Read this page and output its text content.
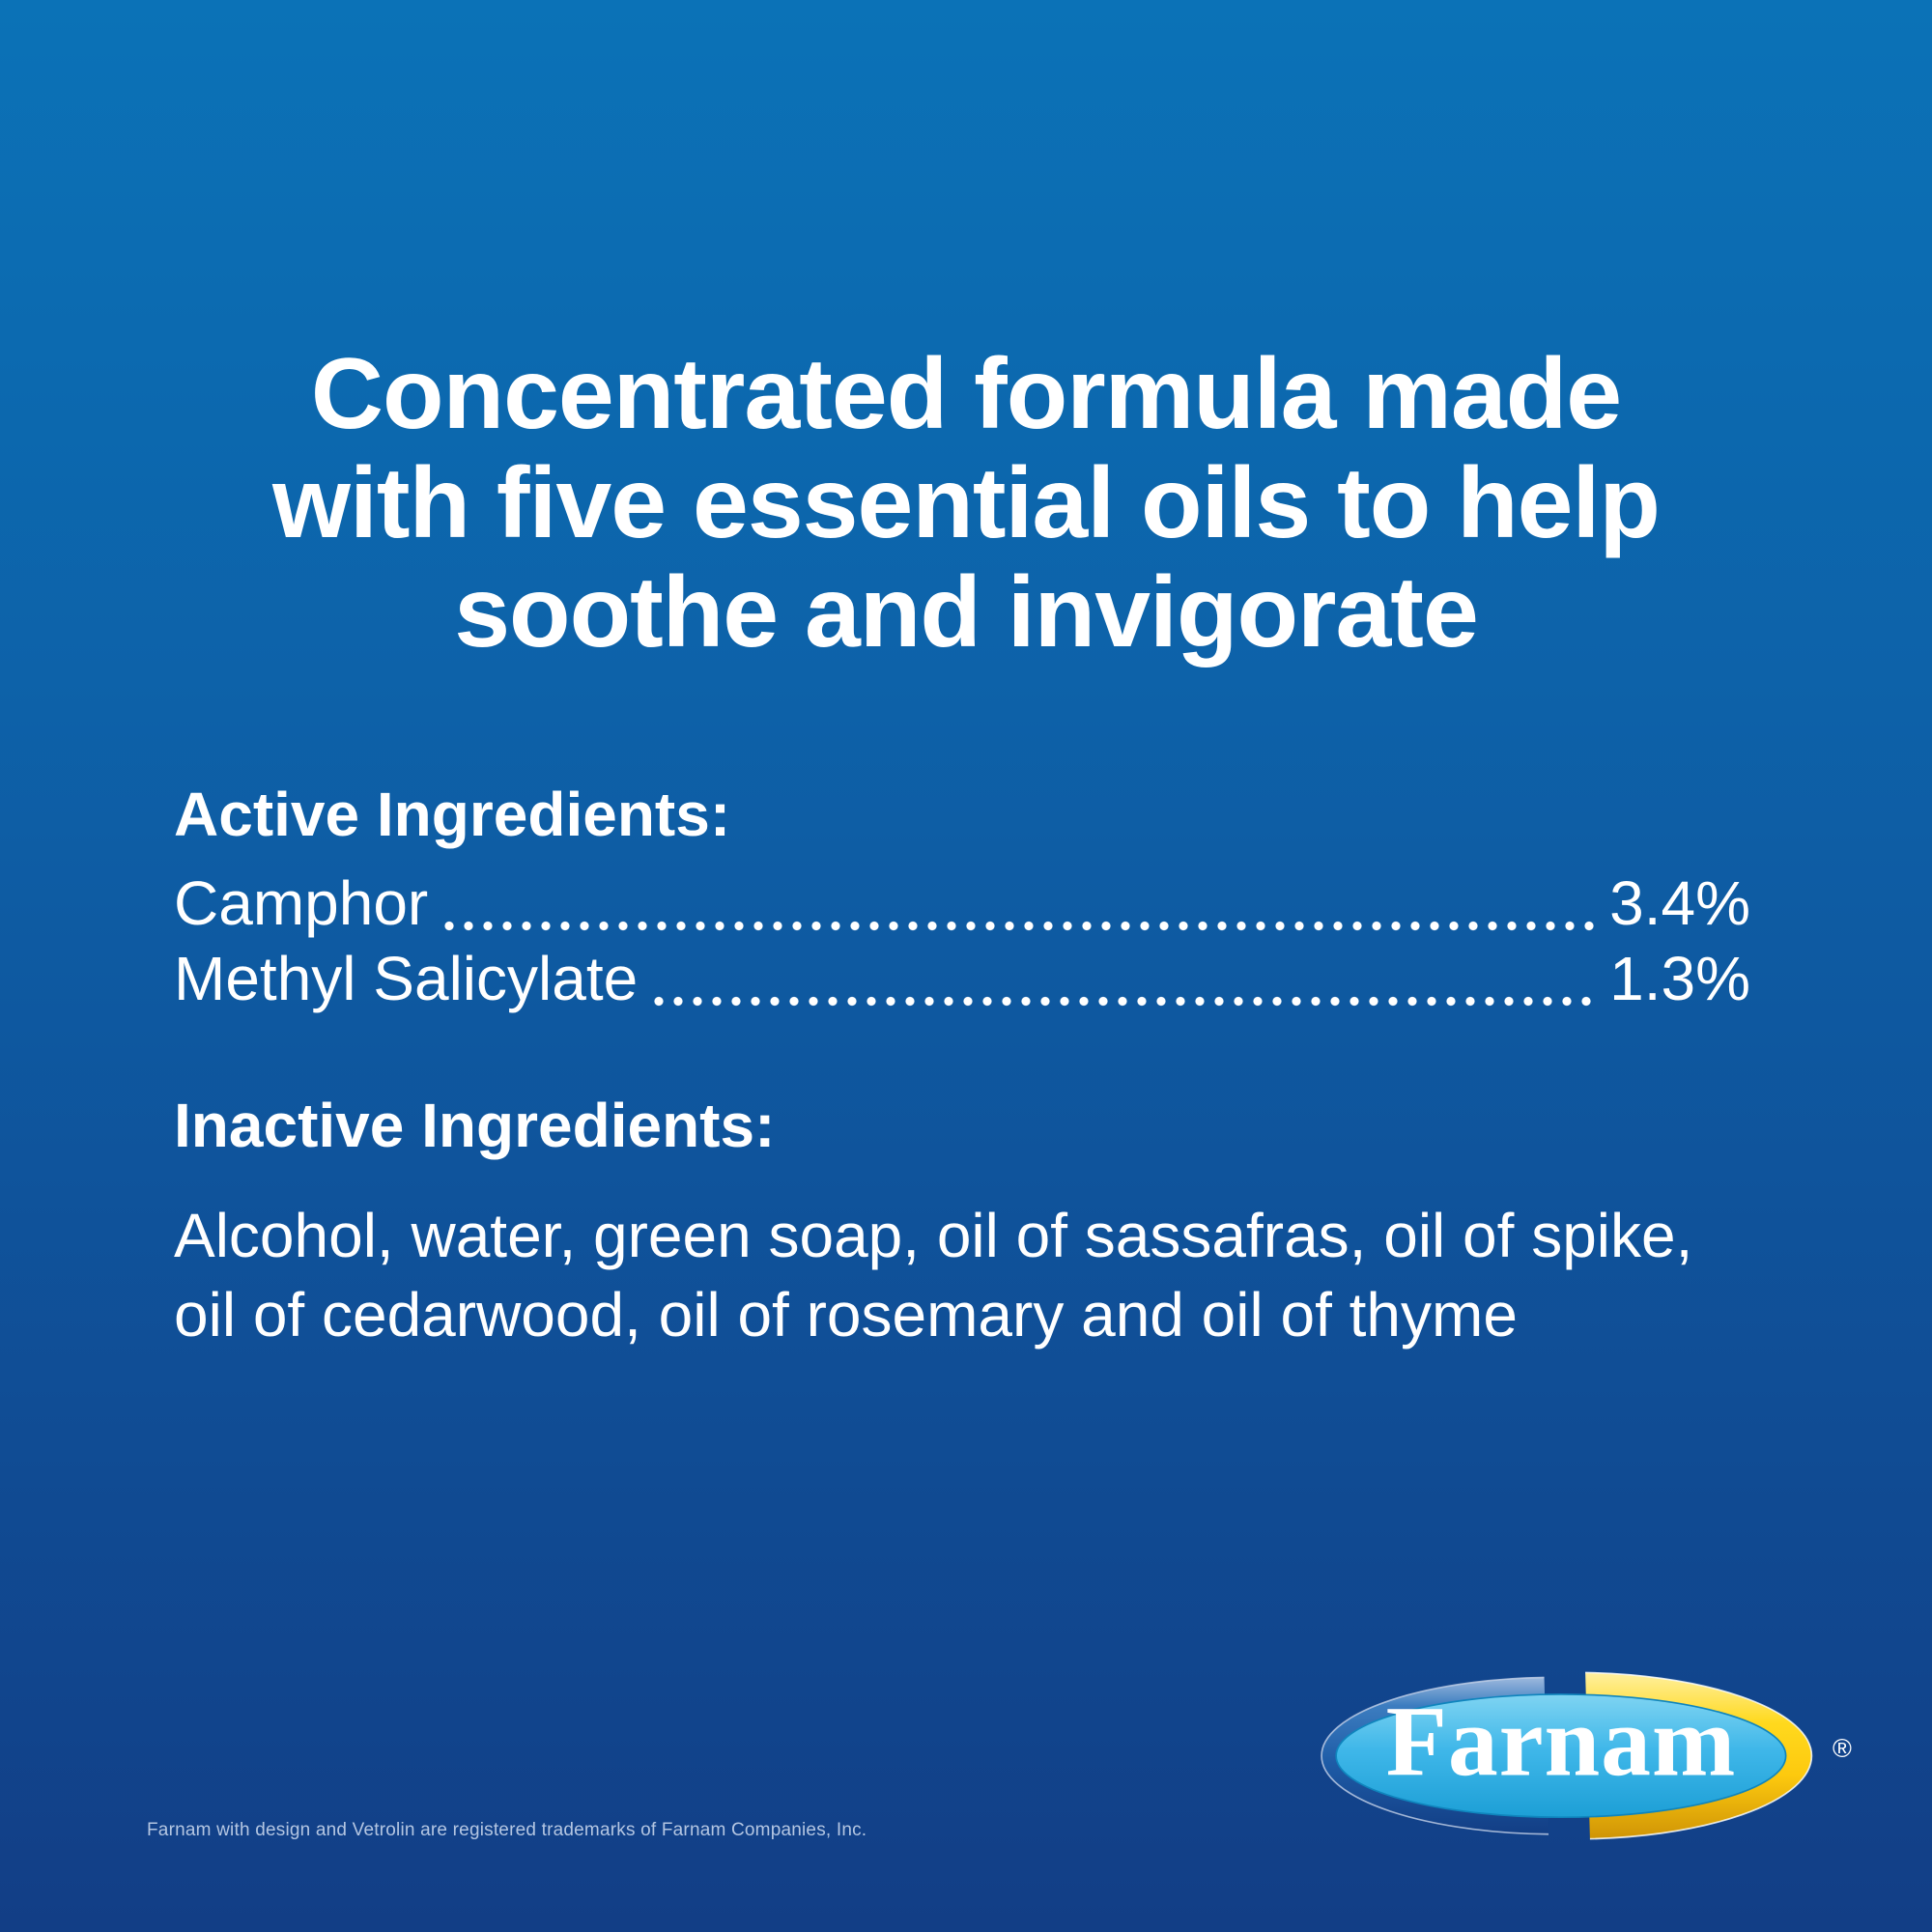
Concentrated formula made
with five essential oils to help
soothe and invigorate
Active Ingredients:
Camphor	3.4%
Methyl Salicylate	1.3%
Inactive Ingredients:
Alcohol, water, green soap, oil of sassafras, oil of spike,
oil of cedarwood, oil of rosemary and oil of thyme
Farnam	®
Farnam with design and Vetrolin are registered trademarks of Farnam Companies, Inc.
